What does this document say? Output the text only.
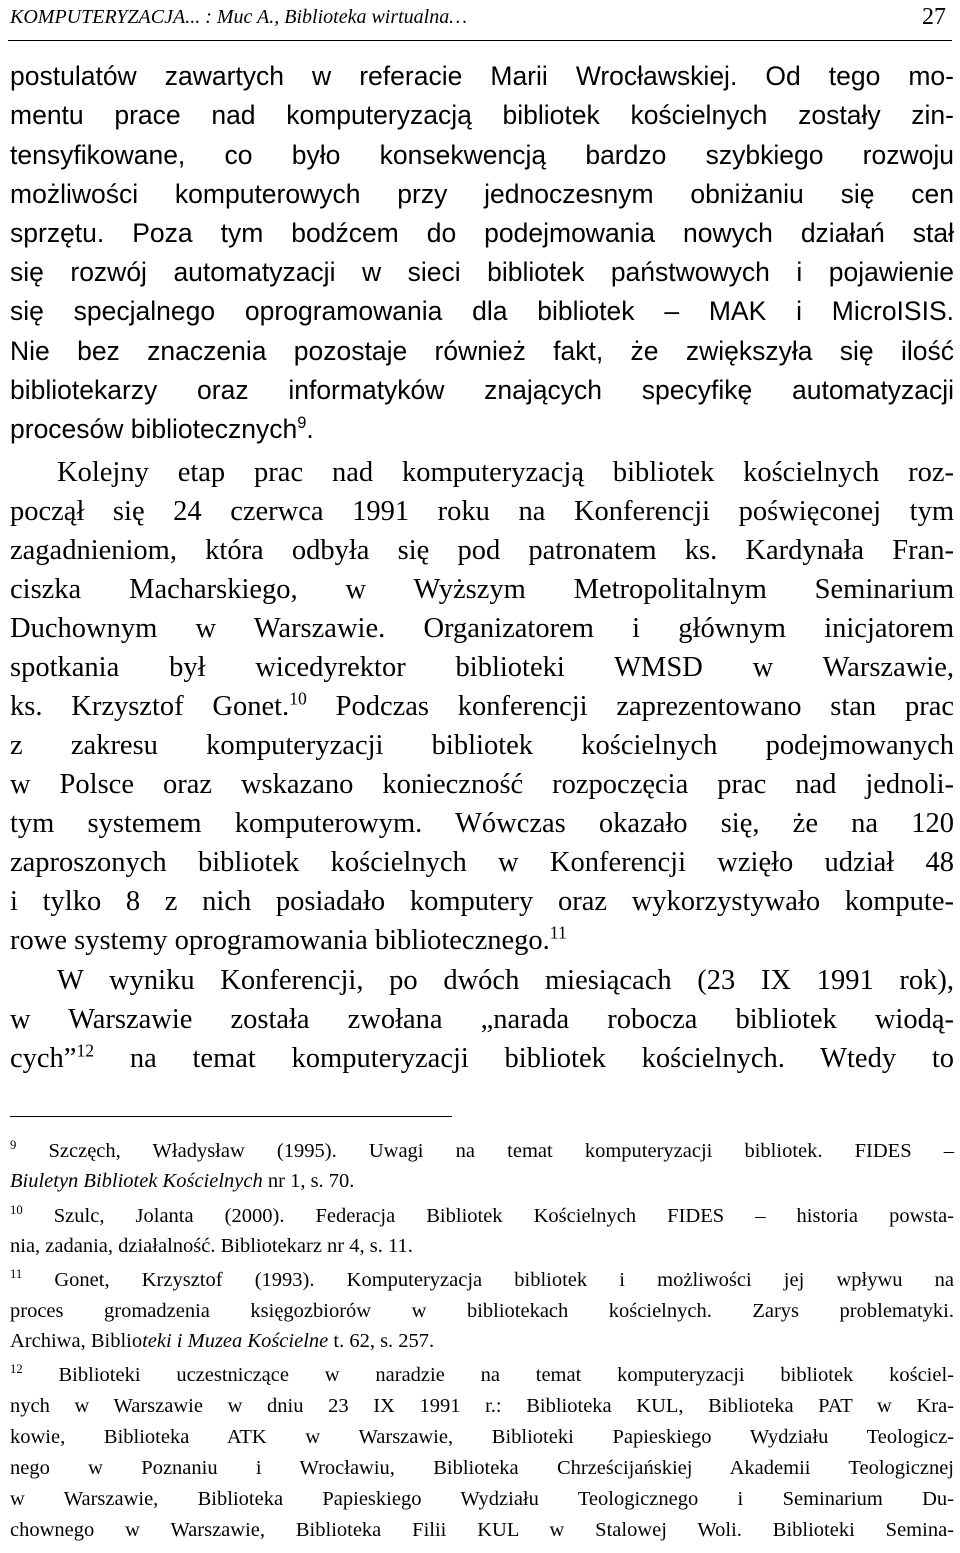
KOMPUTERYZACJA... : Muc A., Biblioteka wirtualna…	27
postulatów zawartych w referacie Marii Wrocławskiej. Od tego mo-
mentu prace nad komputeryzacją bibliotek kościelnych zostały zin-
tensyfikowane, co było konsekwencją bardzo szybkiego rozwoju
możliwości komputerowych przy jednoczesnym obniżaniu się cen
sprzętu. Poza tym bodźcem do podejmowania nowych działań stał
się rozwój automatyzacji w sieci bibliotek państwowych i pojawienie
się specjalnego oprogramowania dla bibliotek – MAK i MicroISIS.
Nie bez znaczenia pozostaje również fakt, że zwiększyła się ilość
bibliotekarzy oraz informatyków znających specyfikę automatyzacji
procesów bibliotecznych$^9$.
Kolejny etap prac nad komputeryzacją bibliotek kościelnych roz-
począł się 24 czerwca 1991 roku na Konferencji poświęconej tym
zagadnieniom, która odbyła się pod patronatem ks. Kardynała Fran-
ciszka Macharskiego, w Wyższym Metropolitalnym Seminarium
Duchownym w Warszawie. Organizatorem i głównym inicjatorem
spotkania był wicedyrektor biblioteki WMSD w Warszawie,
ks. Krzysztof Gonet.$^{10}$ Podczas konferencji zaprezentowano stan prac
z zakresu komputeryzacji bibliotek kościelnych podejmowanych
w Polsce oraz wskazano konieczność rozpoczęcia prac nad jednoli-
tym systemem komputerowym. Wówczas okazało się, że na 120
zaproszonych bibliotek kościelnych w Konferencji wzięło udział 48
i tylko 8 z nich posiadało komputery oraz wykorzystywało kompute-
rowe systemy oprogramowania bibliotecznego.$^{11}$
W wyniku Konferencji, po dwóch miesiącach (23 IX 1991 rok),
w Warszawie została zwołana „narada robocza bibliotek wiodą-
cych”$^{12}$ na temat komputeryzacji bibliotek kościelnych. Wtedy to
$^9$ Szczęch, Władysław (1995). Uwagi na temat komputeryzacji bibliotek. FIDES –
Biuletyn Bibliotek Kościelnych nr 1, s. 70.
$^{10}$ Szulc, Jolanta (2000). Federacja Bibliotek Kościelnych FIDES – historia powsta-
nia, zadania, działalność. Bibliotekarz nr 4, s. 11.
$^{11}$ Gonet, Krzysztof (1993). Komputeryzacja bibliotek i możliwości jej wpływu na
proces gromadzenia księgozbiorów w bibliotekach kościelnych. Zarys problematyki.
Archiwa, Biblioteki i Muzea Kościelne t. 62, s. 257.
$^{12}$ Biblioteki uczestniczące w naradzie na temat komputeryzacji bibliotek kościel-
nych w Warszawie w dniu 23 IX 1991 r.: Biblioteka KUL, Biblioteka PAT w Kra-
kowie, Biblioteka ATK w Warszawie, Biblioteki Papieskiego Wydziału Teologicz-
nego w Poznaniu i Wrocławiu, Biblioteka Chrześcijańskiej Akademii Teologicznej
w Warszawie, Biblioteka Papieskiego Wydziału Teologicznego i Seminarium Du-
chownego w Warszawie, Biblioteka Filii KUL w Stalowej Woli. Biblioteki Semina-
